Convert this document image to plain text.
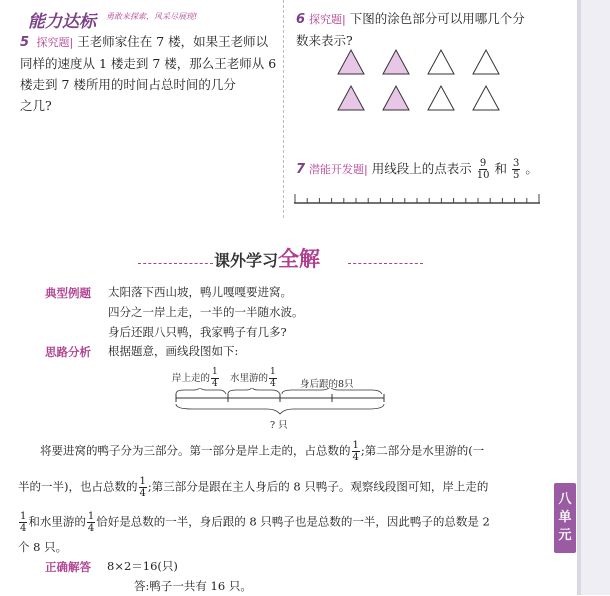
八
单
元
能力达标 勇敢来探索，风采尽展现!
5 探究题| 王老师家住在 7 楼，如果王老师以
同样的速度从 1 楼走到 7 楼，那么王老师从 6
楼走到 7 楼所用的时间占总时间的几分
之几?
6 探究题| 下图的涂色部分可以用哪几个分
数来表示?
7 潜能开发题| 用线段上的点表示 $\frac{9}{10}$ 和 $\frac{3}{5}$ 。
课外学习全解
典型例题 太阳落下西山坡，鸭儿嘎嘎要进窝。
四分之一岸上走，一半的一半随水波。
身后还跟八只鸭，我家鸭子有几多?
思路分析 根据题意，画线段图如下:
岸上走的 $\frac{1}{4}$ 水里游的 $\frac{1}{4}$ 身后跟的8只
? 只
将要进窝的鸭子分为三部分。第一部分是岸上走的，占总数的 $\frac{1}{4}$ ;第二部分是水里游的(一
半的一半)，也占总数的 $\frac{1}{4}$ ;第三部分是跟在主人身后的 8 只鸭子。观察线段图可知，岸上走的
$\frac{1}{4}$ 和水里游的 $\frac{1}{4}$ 恰好是总数的一半，身后跟的 8 只鸭子也是总数的一半，因此鸭子的总数是 2
个 8 只。
正确解答 8×2＝16(只)
答:鸭子一共有 16 只。
